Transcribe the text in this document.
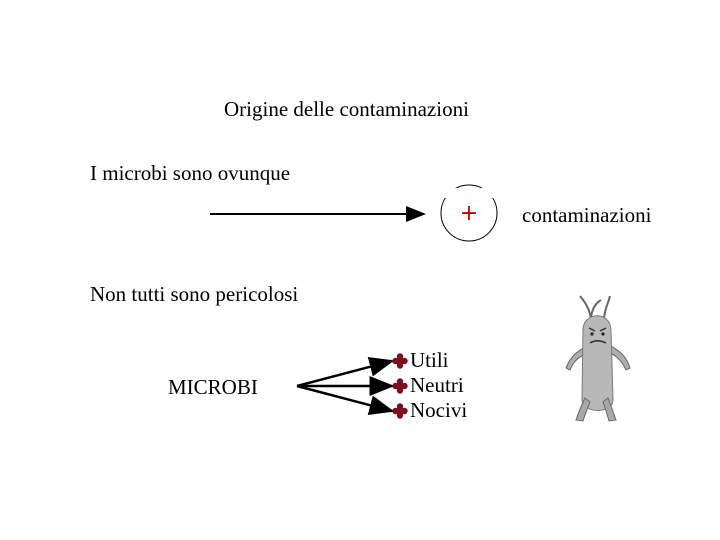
Origine delle contaminazioni
I microbi sono ovunque
+ contaminazioni
Non tutti sono pericolosi
MICROBI
Utili
Neutri
Nocivi
